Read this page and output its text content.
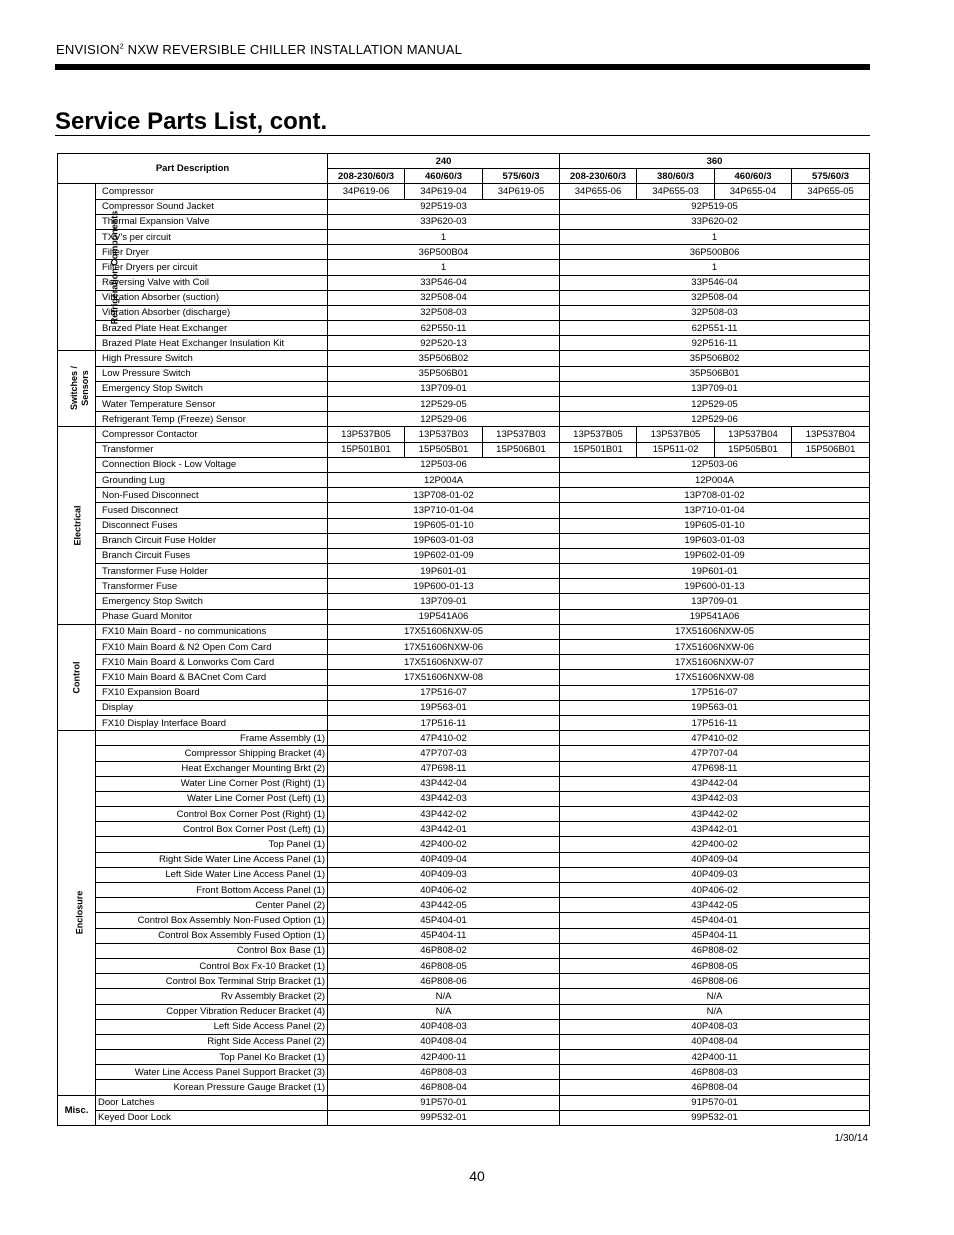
ENVISION$^2$ NXW REVERSIBLE CHILLER INSTALLATION MANUAL
Service Parts List, cont.
Part Description		240			360			
		208-230/60/3	460/60/3	575/60/3	208-230/60/3	380/60/3	460/60/3	575/60/3
Refrigeration Components	Compressor	34P619-06	34P619-04	34P619-05	34P655-06	34P655-03	34P655-04	34P655-05
	Compressor Sound Jacket	92P519-03			92P519-05			
	Thermal Expansion Valve	33P620-03			33P620-02			
	TXV's per circuit	1			1			
	Filter Dryer	36P500B04			36P500B06			
	Filter Dryers per circuit	1			1			
	Reversing Valve with Coil	33P546-04			33P546-04			
	Vibration Absorber (suction)	32P508-04			32P508-04			
	Vibration Absorber (discharge)	32P508-03			32P508-03			
	Brazed Plate Heat Exchanger	62P550-11			62P551-11			
	Brazed Plate Heat Exchanger Insulation Kit	92P520-13			92P516-11			
Switches /
Sensors	High Pressure Switch	35P506B02			35P506B02			
	Low Pressure Switch	35P506B01			35P506B01			
	Emergency Stop Switch	13P709-01			13P709-01			
	Water Temperature Sensor	12P529-05			12P529-05			
	Refrigerant Temp (Freeze) Sensor	12P529-06			12P529-06			
Electrical	Compressor Contactor	13P537B05	13P537B03	13P537B03	13P537B05	13P537B05	13P537B04	13P537B04
	Transformer	15P501B01	15P505B01	15P506B01	15P501B01	15P511-02	15P505B01	15P506B01
	Connection Block - Low Voltage	12P503-06			12P503-06			
	Grounding Lug	12P004A			12P004A			
	Non-Fused Disconnect	13P708-01-02			13P708-01-02			
	Fused Disconnect	13P710-01-04			13P710-01-04			
	Disconnect Fuses	19P605-01-10			19P605-01-10			
	Branch Circuit Fuse Holder	19P603-01-03			19P603-01-03			
	Branch Circuit Fuses	19P602-01-09			19P602-01-09			
	Transformer Fuse Holder	19P601-01			19P601-01			
	Transformer Fuse	19P600-01-13			19P600-01-13			
	Emergency Stop Switch	13P709-01			13P709-01			
	Phase Guard Monitor	19P541A06			19P541A06			
Control	FX10 Main Board - no communications	17X51606NXW-05			17X51606NXW-05			
	FX10 Main Board & N2 Open Com Card	17X51606NXW-06			17X51606NXW-06			
	FX10 Main Board & Lonworks Com Card	17X51606NXW-07			17X51606NXW-07			
	FX10 Main Board & BACnet Com Card	17X51606NXW-08			17X51606NXW-08			
	FX10 Expansion Board	17P516-07			17P516-07			
	Display	19P563-01			19P563-01			
	FX10 Display Interface Board	17P516-11			17P516-11			
Enclosure	Frame Assembly (1)	47P410-02			47P410-02			
	Compressor Shipping Bracket (4)	47P707-03			47P707-04			
	Heat Exchanger Mounting Brkt (2)	47P698-11			47P698-11			
	Water Line Corner Post (Right) (1)	43P442-04			43P442-04			
	Water Line Corner Post (Left) (1)	43P442-03			43P442-03			
	Control Box Corner Post (Right) (1)	43P442-02			43P442-02			
	Control Box Corner Post (Left) (1)	43P442-01			43P442-01			
	Top Panel (1)	42P400-02			42P400-02			
	Right Side Water Line Access Panel (1)	40P409-04			40P409-04			
	Left Side Water Line Access Panel (1)	40P409-03			40P409-03			
	Front Bottom Access Panel (1)	40P406-02			40P406-02			
	Center Panel (2)	43P442-05			43P442-05			
	Control Box Assembly Non-Fused Option (1)	45P404-01			45P404-01			
	Control Box Assembly Fused Option (1)	45P404-11			45P404-11			
	Control Box Base (1)	46P808-02			46P808-02			
	Control Box Fx-10 Bracket (1)	46P808-05			46P808-05			
	Control Box Terminal Strip Bracket (1)	46P808-06			46P808-06			
	Rv Assembly Bracket (2)	N/A			N/A			
	Copper Vibration Reducer Bracket (4)	N/A			N/A			
	Left Side Access Panel (2)	40P408-03			40P408-03			
	Right Side Access Panel (2)	40P408-04			40P408-04			
	Top Panel Ko Bracket (1)	42P400-11			42P400-11			
	Water Line Access Panel Support Bracket (3)	46P808-03			46P808-03			
	Korean Pressure Gauge Bracket (1)	46P808-04			46P808-04			
Misc.	Door Latches	91P570-01			91P570-01			
	Keyed Door Lock	99P532-01			99P532-01			
1/30/14
40
